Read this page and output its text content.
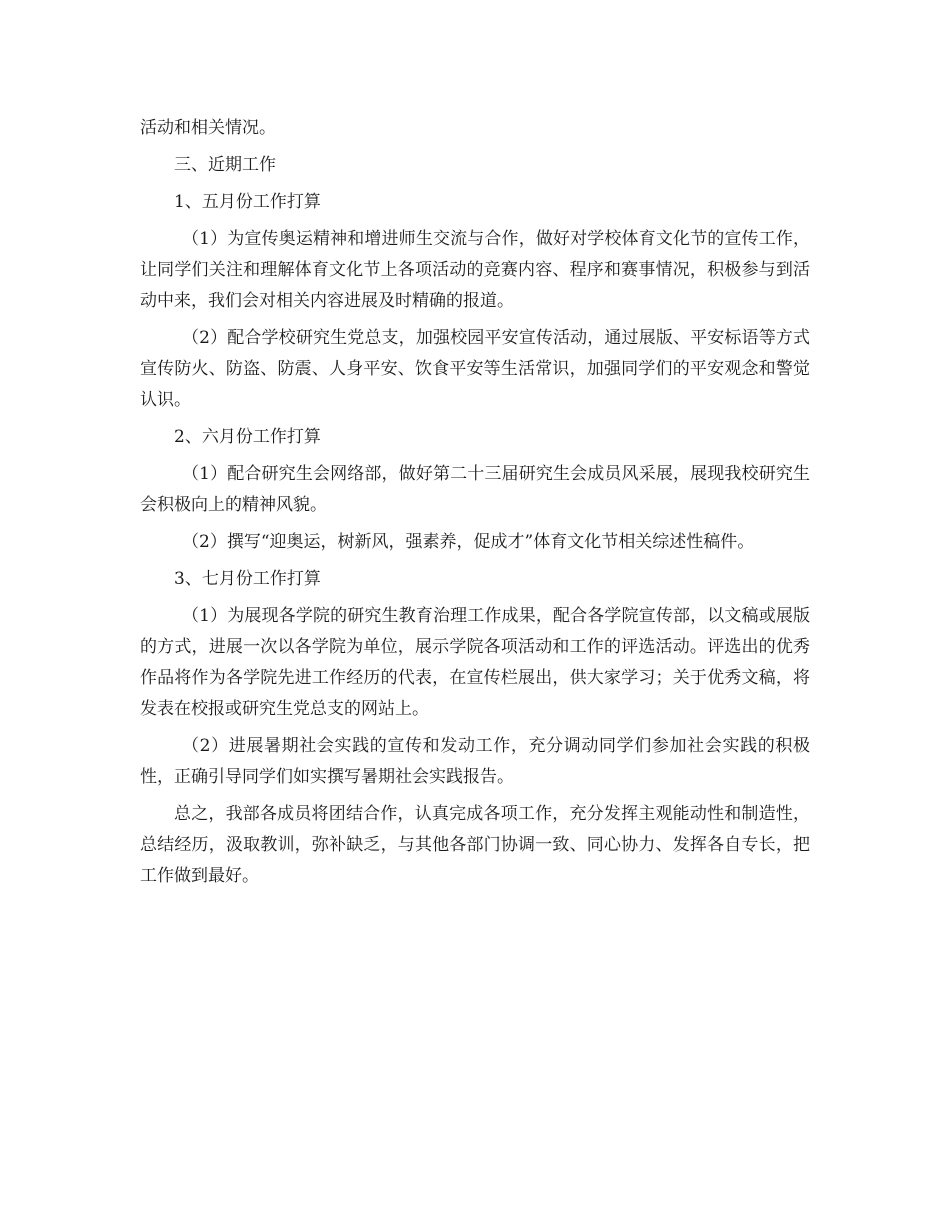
活动和相关情况。

三、近期工作

1、五月份工作打算

（1）为宣传奥运精神和增进师生交流与合作，做好对学校体育文化节的宣传工作，让同学们关注和理解体育文化节上各项活动的竞赛内容、程序和赛事情况，积极参与到活动中来，我们会对相关内容进展及时精确的报道。

（2）配合学校研究生党总支，加强校园平安宣传活动，通过展版、平安标语等方式宣传防火、防盗、防震、人身平安、饮食平安等生活常识，加强同学们的平安观念和警觉认识。

2、六月份工作打算

（1）配合研究生会网络部，做好第二十三届研究生会成员风采展，展现我校研究生会积极向上的精神风貌。

（2）撰写“迎奥运，树新风，强素养，促成才”体育文化节相关综述性稿件。

3、七月份工作打算

（1）为展现各学院的研究生教育治理工作成果，配合各学院宣传部，以文稿或展版的方式，进展一次以各学院为单位，展示学院各项活动和工作的评选活动。评选出的优秀作品将作为各学院先进工作经历的代表，在宣传栏展出，供大家学习；关于优秀文稿，将发表在校报或研究生党总支的网站上。

（2）进展暑期社会实践的宣传和发动工作，充分调动同学们参加社会实践的积极性，正确引导同学们如实撰写暑期社会实践报告。

总之，我部各成员将团结合作，认真完成各项工作，充分发挥主观能动性和制造性，总结经历，汲取教训，弥补缺乏，与其他各部门协调一致、同心协力、发挥各自专长，把工作做到最好。
